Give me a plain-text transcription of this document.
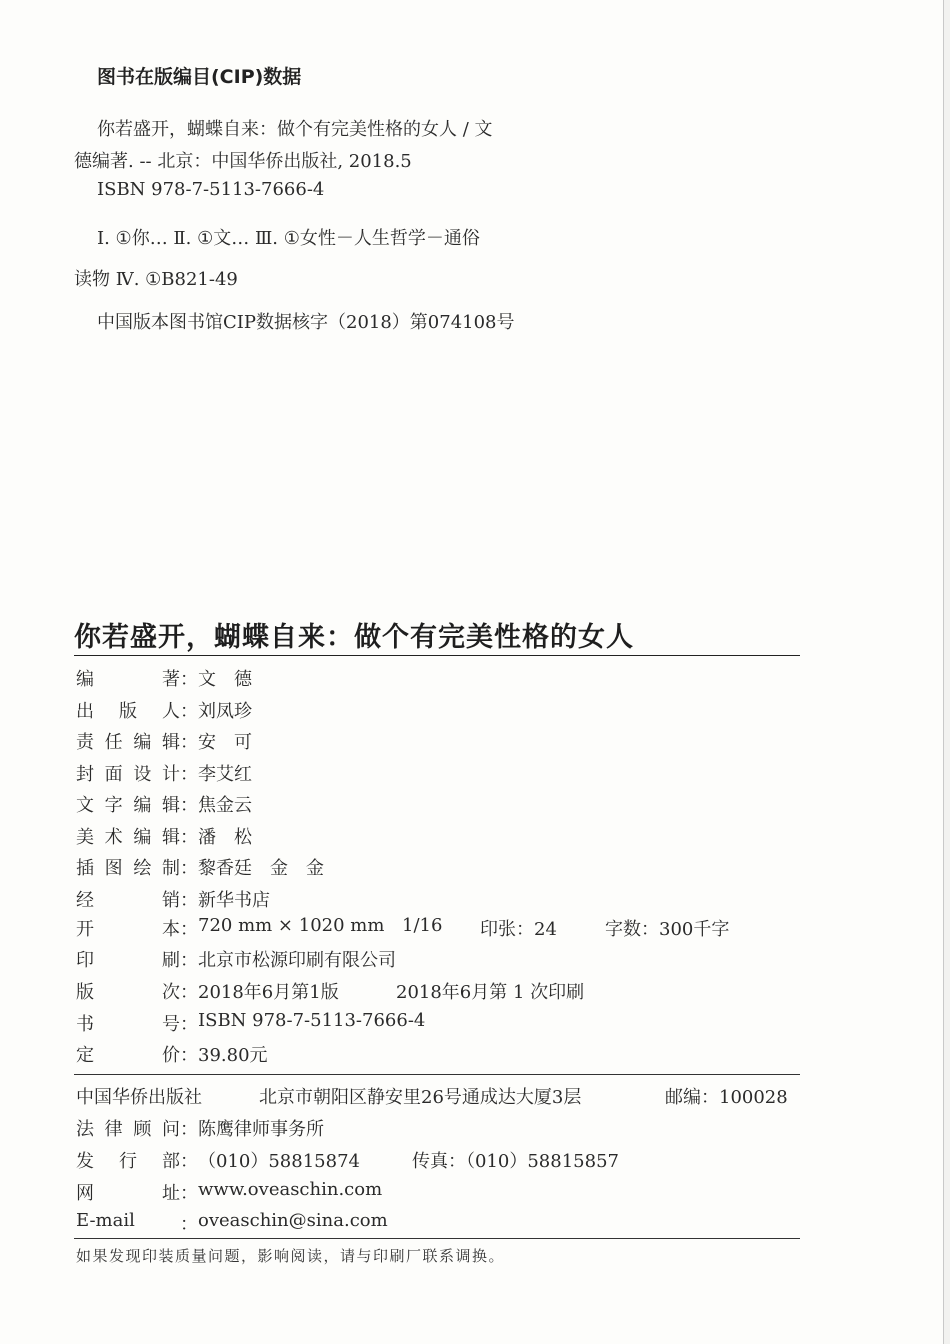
图书在版编目(CIP)数据
你若盛开，蝴蝶自来：做个有完美性格的女人 / 文
德编著. -- 北京：中国华侨出版社, 2018.5
ISBN 978-7-5113-7666-4
Ⅰ. ①你… Ⅱ. ①文… Ⅲ. ①女性－人生哲学－通俗
读物 Ⅳ. ①B821-49
中国版本图书馆CIP数据核字（2018）第074108号
你若盛开，蝴蝶自来：做个有完美性格的女人
编　　著 ： 文　德
出 版 人 ： 刘凤珍
责任编辑 ： 安　可
封面设计 ： 李艾红
文字编辑 ： 焦金云
美术编辑 ： 潘　松
插图绘制 ： 黎香廷　金　金
经　　销 ： 新华书店
开　　本 ： 720 mm × 1020 mm 1/16	印张：24	字数：300千字
印　　刷 ： 北京市松源印刷有限公司
版　　次 ： 2018年6月第1版	2018年6月第 1 次印刷
书　　号 ： ISBN 978-7-5113-7666-4
定　　价 ： 39.80元
中国华侨出版社	北京市朝阳区静安里26号通成达大厦3层	邮编：100028
法律顾问 ： 陈鹰律师事务所
发 行 部 ： （010）58815874	传真：（010）58815857
网　　址 ： www.oveaschin.com
E-mail	： oveaschin@sina.com
如果发现印装质量问题，影响阅读，请与印刷厂联系调换。
